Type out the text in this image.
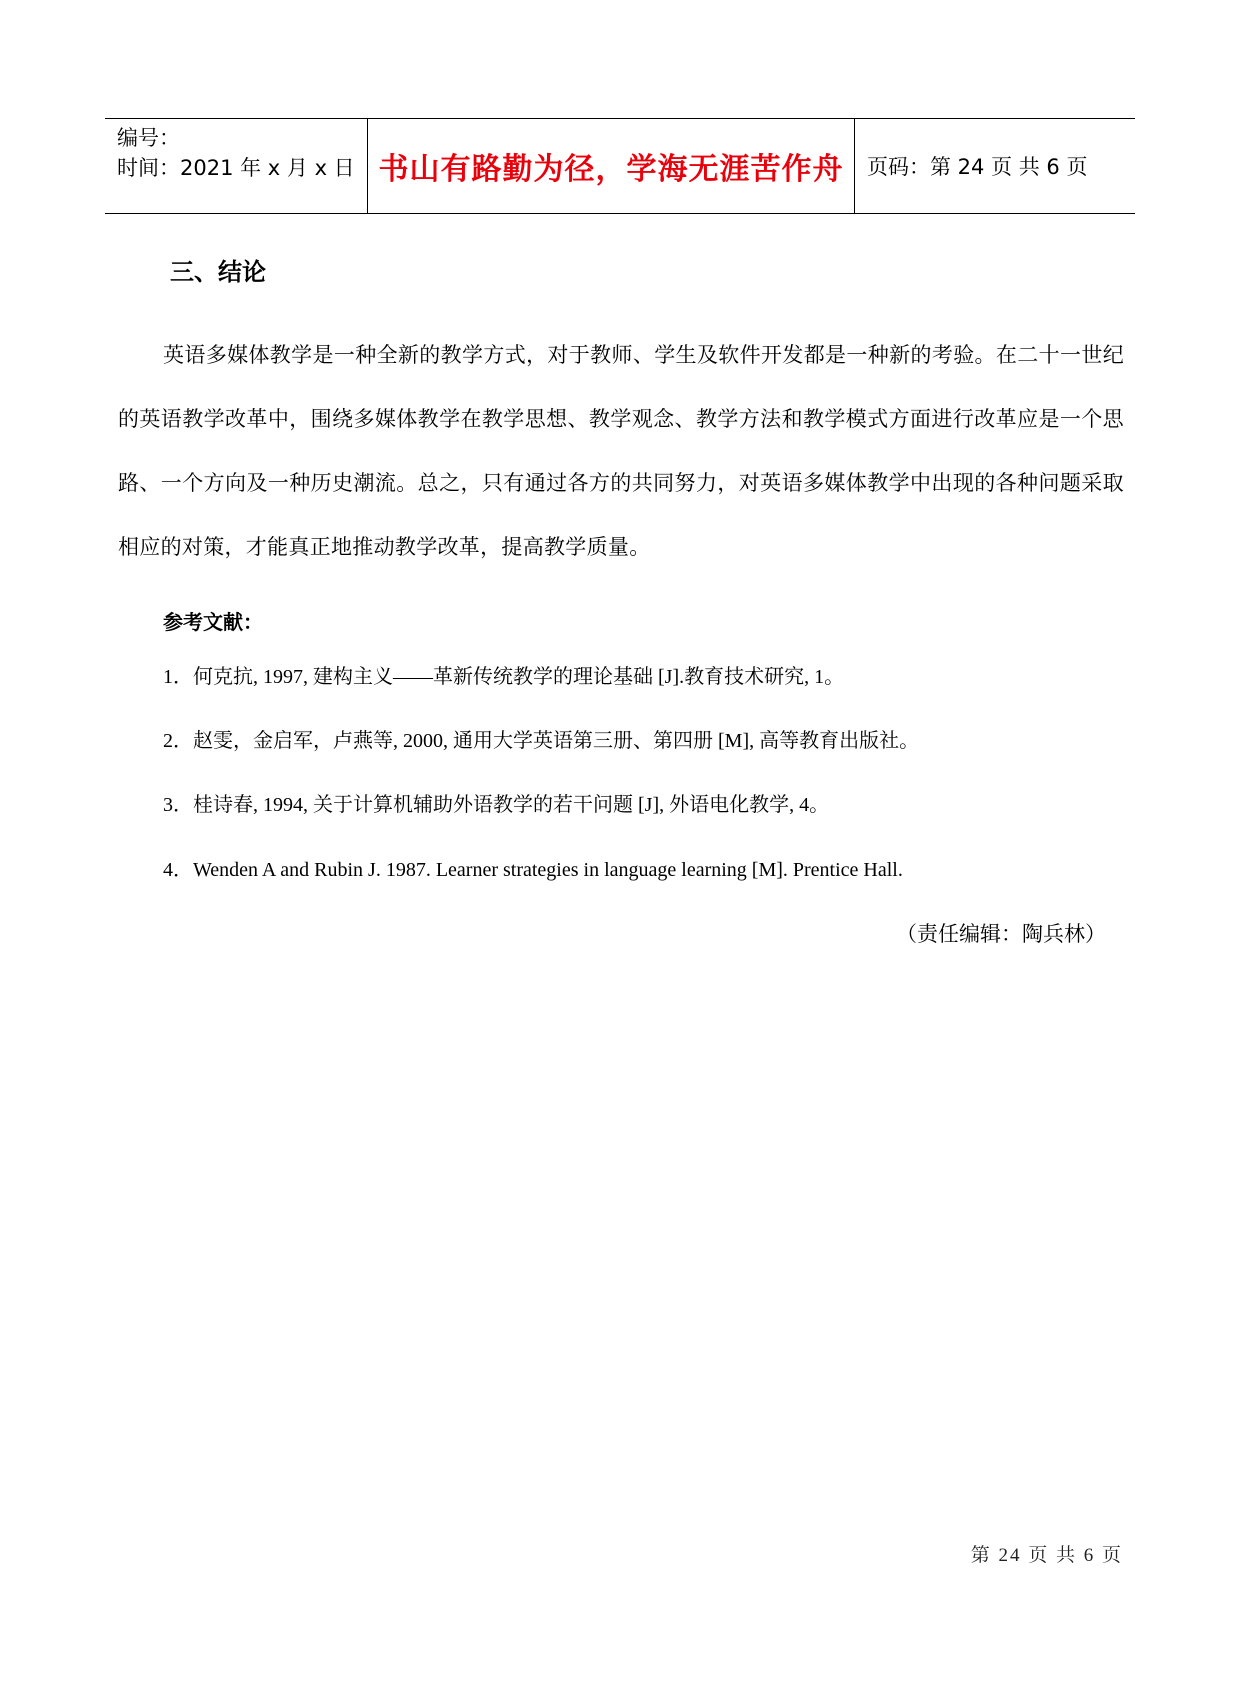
编号：
时间：2021 年 x 月 x 日 书山有路勤为径，学海无涯苦作舟 页码：第 24 页 共 6 页
三、结论
英语多媒体教学是一种全新的教学方式，对于教师、学生及软件开发都是一种新的考验。在二十一世纪的英语教学改革中，围绕多媒体教学在教学思想、教学观念、教学方法和教学模式方面进行改革应是一个思路、一个方向及一种历史潮流。总之，只有通过各方的共同努力，对英语多媒体教学中出现的各种问题采取相应的对策，才能真正地推动教学改革，提高教学质量。
参考文献：
1．何克抗, 1997, 建构主义——革新传统教学的理论基础 [J].教育技术研究, 1。
2．赵雯，金启军，卢燕等, 2000, 通用大学英语第三册、第四册 [M], 高等教育出版社。
3．桂诗春, 1994, 关于计算机辅助外语教学的若干问题 [J], 外语电化教学, 4。
4．Wenden A and Rubin J. 1987. Learner strategies in language learning [M]. Prentice Hall.
（责任编辑：陶兵林）
第 24 页 共 6 页
